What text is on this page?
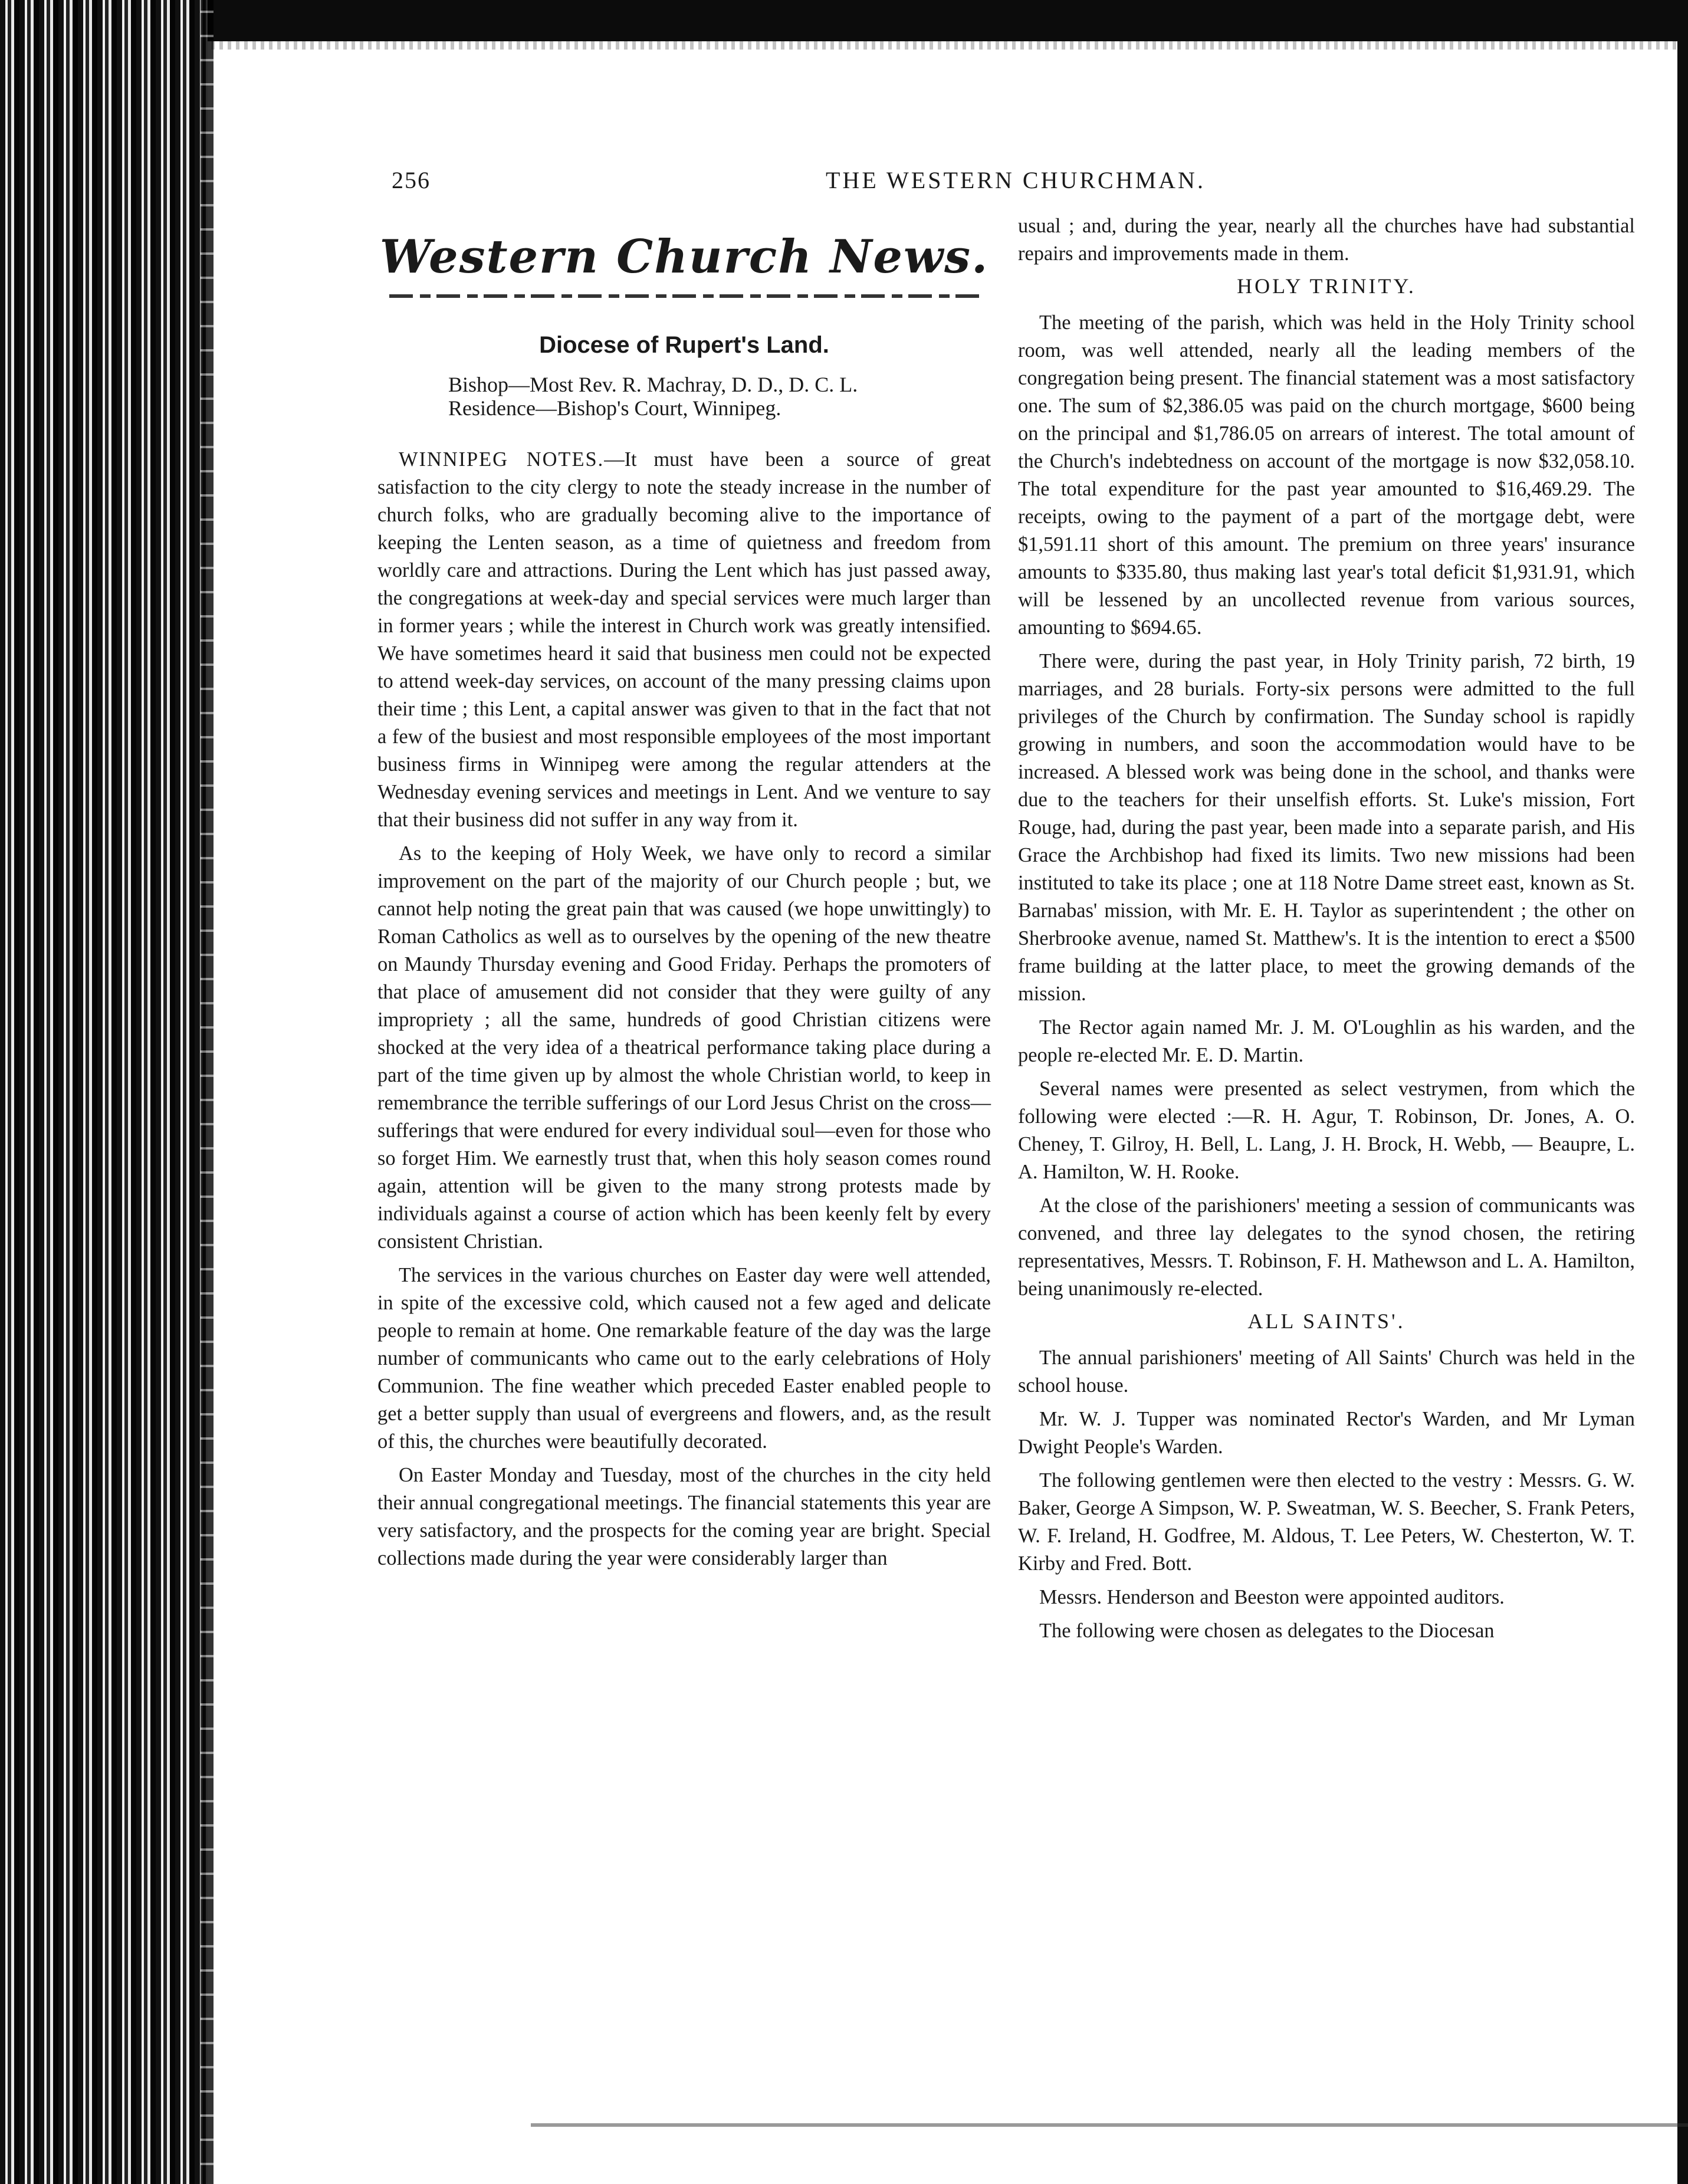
256	THE WESTERN CHURCHMAN.
Western Church News.
Diocese of Rupert's Land.

Bishop—Most Rev. R. Machray, D. D., D. C. L.

Residence—Bishop's Court, Winnipeg.

WINNIPEG NOTES.—It must have been a source of great satisfaction to the city clergy to note the steady increase in the number of church folks, who are gradually becoming alive to the importance of keeping the Lenten season, as a time of quietness and freedom from worldly care and attractions. During the Lent which has just passed away, the congregations at week-day and special services were much larger than in former years ; while the interest in Church work was greatly intensified. We have sometimes heard it said that business men could not be expected to attend week-day services, on account of the many pressing claims upon their time ; this Lent, a capital answer was given to that in the fact that not a few of the busiest and most responsible employees of the most important business firms in Winnipeg were among the regular attenders at the Wednesday evening services and meetings in Lent. And we venture to say that their business did not suffer in any way from it.

As to the keeping of Holy Week, we have only to record a similar improvement on the part of the majority of our Church people ; but, we cannot help noting the great pain that was caused (we hope unwittingly) to Roman Catholics as well as to ourselves by the opening of the new theatre on Maundy Thursday evening and Good Friday. Perhaps the promoters of that place of amusement did not consider that they were guilty of any impropriety ; all the same, hundreds of good Christian citizens were shocked at the very idea of a theatrical performance taking place during a part of the time given up by almost the whole Christian world, to keep in remembrance the terrible sufferings of our Lord Jesus Christ on the cross—sufferings that were endured for every individual soul—even for those who so forget Him. We earnestly trust that, when this holy season comes round again, attention will be given to the many strong protests made by individuals against a course of action which has been keenly felt by every consistent Christian.

The services in the various churches on Easter day were well attended, in spite of the excessive cold, which caused not a few aged and delicate people to remain at home. One remarkable feature of the day was the large number of communicants who came out to the early celebrations of Holy Communion. The fine weather which preceded Easter enabled people to get a better supply than usual of evergreens and flowers, and, as the result of this, the churches were beautifully decorated.

On Easter Monday and Tuesday, most of the churches in the city held their annual congregational meetings. The financial statements this year are very satisfactory, and the prospects for the coming year are bright. Special collections made during the year were considerably larger than

usual ; and, during the year, nearly all the churches have had substantial repairs and improvements made in them.

HOLY TRINITY.

The meeting of the parish, which was held in the Holy Trinity school room, was well attended, nearly all the leading members of the congregation being present. The financial statement was a most satisfactory one. The sum of $2,386.05 was paid on the church mortgage, $600 being on the principal and $1,786.05 on arrears of interest. The total amount of the Church's indebtedness on account of the mortgage is now $32,058.10. The total expenditure for the past year amounted to $16,469.29. The receipts, owing to the payment of a part of the mortgage debt, were $1,591.11 short of this amount. The premium on three years' insurance amounts to $335.80, thus making last year's total deficit $1,931.91, which will be lessened by an uncollected revenue from various sources, amounting to $694.65.

There were, during the past year, in Holy Trinity parish, 72 birth, 19 marriages, and 28 burials. Forty-six persons were admitted to the full privileges of the Church by confirmation. The Sunday school is rapidly growing in numbers, and soon the accommodation would have to be increased. A blessed work was being done in the school, and thanks were due to the teachers for their unselfish efforts. St. Luke's mission, Fort Rouge, had, during the past year, been made into a separate parish, and His Grace the Archbishop had fixed its limits. Two new missions had been instituted to take its place ; one at 118 Notre Dame street east, known as St. Barnabas' mission, with Mr. E. H. Taylor as superintendent ; the other on Sherbrooke avenue, named St. Matthew's. It is the intention to erect a $500 frame building at the latter place, to meet the growing demands of the mission.

The Rector again named Mr. J. M. O'Loughlin as his warden, and the people re-elected Mr. E. D. Martin.

Several names were presented as select vestrymen, from which the following were elected :—R. H. Agur, T. Robinson, Dr. Jones, A. O. Cheney, T. Gilroy, H. Bell, L. Lang, J. H. Brock, H. Webb, — Beaupre, L. A. Hamilton, W. H. Rooke.

At the close of the parishioners' meeting a session of communicants was convened, and three lay delegates to the synod chosen, the retiring representatives, Messrs. T. Robinson, F. H. Mathewson and L. A. Hamilton, being unanimously re-elected.

ALL SAINTS'.

The annual parishioners' meeting of All Saints' Church was held in the school house.

Mr. W. J. Tupper was nominated Rector's Warden, and Mr Lyman Dwight People's Warden.

The following gentlemen were then elected to the vestry : Messrs. G. W. Baker, George A Simpson, W. P. Sweatman, W. S. Beecher, S. Frank Peters, W. F. Ireland, H. Godfree, M. Aldous, T. Lee Peters, W. Chesterton, W. T. Kirby and Fred. Bott.

Messrs. Henderson and Beeston were appointed auditors.

The following were chosen as delegates to the Diocesan
